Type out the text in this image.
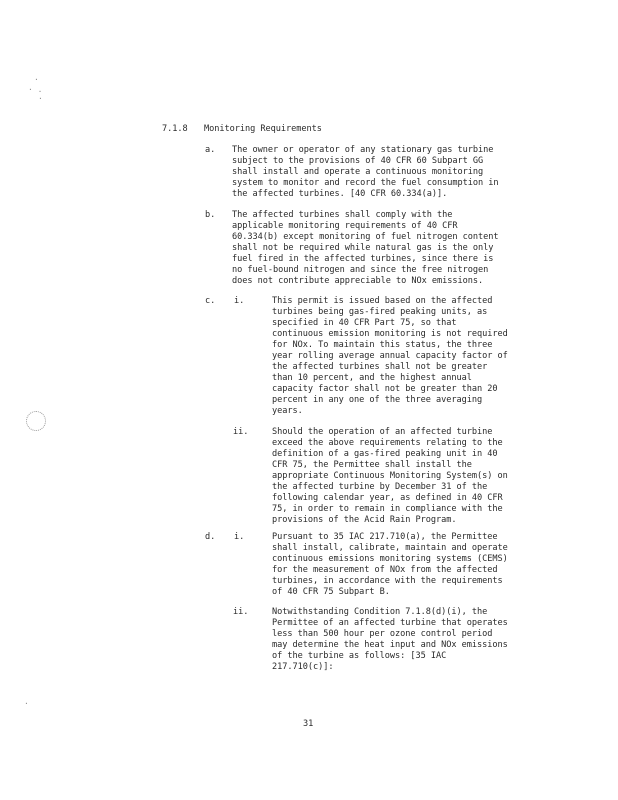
·
· .
·
·
7.1.8 Monitoring Requirements
a. The owner or operator of any stationary gas turbine
subject to the provisions of 40 CFR 60 Subpart GG
shall install and operate a continuous monitoring
system to monitor and record the fuel consumption in
the affected turbines. [40 CFR 60.334(a)].
b. The affected turbines shall comply with the
applicable monitoring requirements of 40 CFR
60.334(b) except monitoring of fuel nitrogen content
shall not be required while natural gas is the only
fuel fired in the affected turbines, since there is
no fuel-bound nitrogen and since the free nitrogen
does not contribute appreciable to NOx emissions.
c. i.	This permit is issued based on the affected
turbines being gas-fired peaking units, as
specified in 40 CFR Part 75, so that
continuous emission monitoring is not required
for NOx. To maintain this status, the three
year rolling average annual capacity factor of
the affected turbines shall not be greater
than 10 percent, and the highest annual
capacity factor shall not be greater than 20
percent in any one of the three averaging
years.
ii.	Should the operation of an affected turbine
exceed the above requirements relating to the
definition of a gas-fired peaking unit in 40
CFR 75, the Permittee shall install the
appropriate Continuous Monitoring System(s) on
the affected turbine by December 31 of the
following calendar year, as defined in 40 CFR
75, in order to remain in compliance with the
provisions of the Acid Rain Program.
d. i.	Pursuant to 35 IAC 217.710(a), the Permittee
shall install, calibrate, maintain and operate
continuous emissions monitoring systems (CEMS)
for the measurement of NOx from the affected
turbines, in accordance with the requirements
of 40 CFR 75 Subpart B.
ii.	Notwithstanding Condition 7.1.8(d)(i), the
Permittee of an affected turbine that operates
less than 500 hour per ozone control period
may determine the heat input and NOx emissions
of the turbine as follows: [35 IAC
217.710(c)]:
31
